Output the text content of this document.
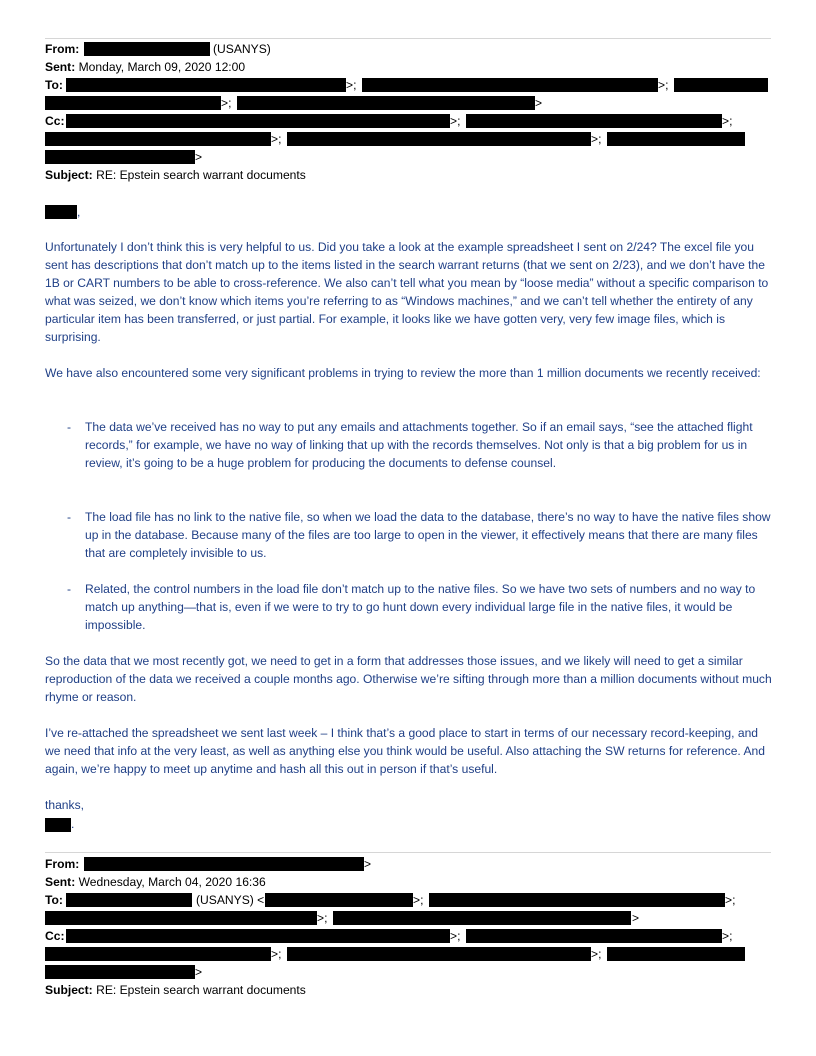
From:	(USANYS)
Sent: Monday, March 09, 2020 12:00
To:	>;	>;
>;	>
Cc:	>;	>;
>;	>;
>
Subject: RE: Epstein search warrant documents
,

Unfortunately I don’t think this is very helpful to us. Did you take a look at the example spreadsheet I sent on 2/24? The excel file you sent has descriptions that don’t match up to the items listed in the search warrant returns (that we sent on 2/23), and we don’t have the 1B or CART numbers to be able to cross-reference. We also can’t tell what you mean by “loose media” without a specific comparison to what was seized, we don’t know which items you’re referring to as “Windows machines,” and we can’t tell whether the entirety of any particular item has been transferred, or just partial. For example, it looks like we have gotten very, very few image files, which is surprising.

We have also encountered some very significant problems in trying to review the more than 1 million documents we recently received:

- The data we’ve received has no way to put any emails and attachments together. So if an email says, “see the attached flight records,” for example, we have no way of linking that up with the records themselves. Not only is that a big problem for us in review, it’s going to be a huge problem for producing the documents to defense counsel.

- The load file has no link to the native file, so when we load the data to the database, there’s no way to have the native files show up in the database. Because many of the files are too large to open in the viewer, it effectively means that there are many files that are completely invisible to us.

- Related, the control numbers in the load file don’t match up to the native files. So we have two sets of numbers and no way to match up anything—that is, even if we were to try to go hunt down every individual large file in the native files, it would be impossible.

So the data that we most recently got, we need to get in a form that addresses those issues, and we likely will need to get a similar reproduction of the data we received a couple months ago. Otherwise we’re sifting through more than a million documents without much rhyme or reason.

I’ve re-attached the spreadsheet we sent last week – I think that’s a good place to start in terms of our necessary record-keeping, and we need that info at the very least, as well as anything else you think would be useful. Also attaching the SW returns for reference. And again, we’re happy to meet up anytime and hash all this out in person if that’s useful.

thanks,
.
From:	>
Sent: Wednesday, March 04, 2020 16:36
To:	(USANYS) <	>;	>;
>;	>
Cc:	>;	>;
>;	>;
>
Subject: RE: Epstein search warrant documents
